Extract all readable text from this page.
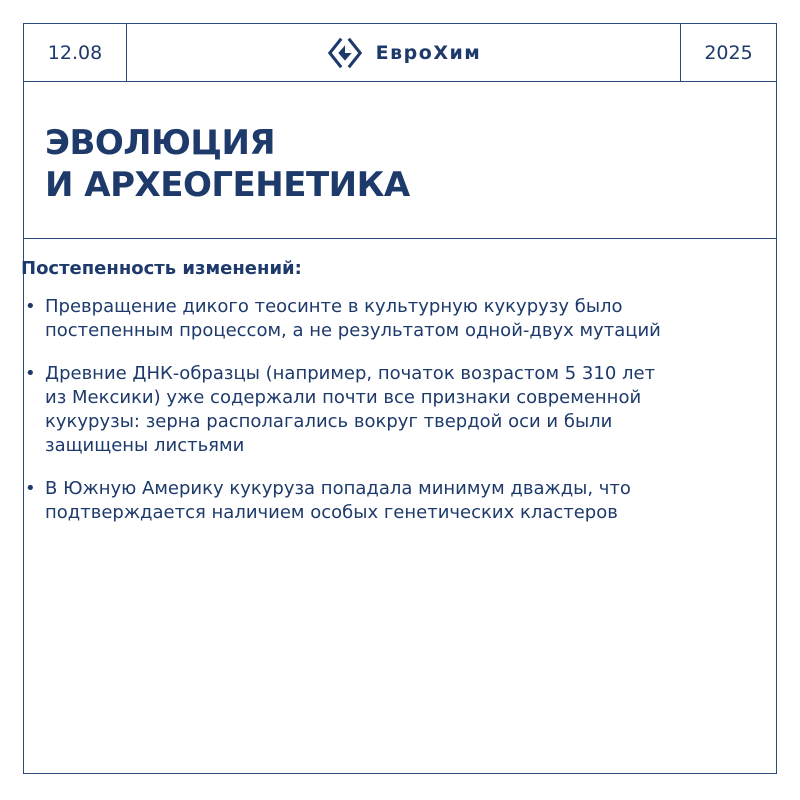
12.08	ЕвроХим	2025
ЭВОЛЮЦИЯ
И АРХЕОГЕНЕТИКА

Постепенность изменений:

• Превращение дикого теосинте в культурную кукурузу было постепенным процессом, а не результатом одной-двух мутаций
• Древние ДНК-образцы (например, початок возрастом 5 310 лет из Мексики) уже содержали почти все признаки современной кукурузы: зерна располагались вокруг твердой оси и были защищены листьями
• В Южную Америку кукуруза попадала минимум дважды, что подтверждается наличием особых генетических кластеров
